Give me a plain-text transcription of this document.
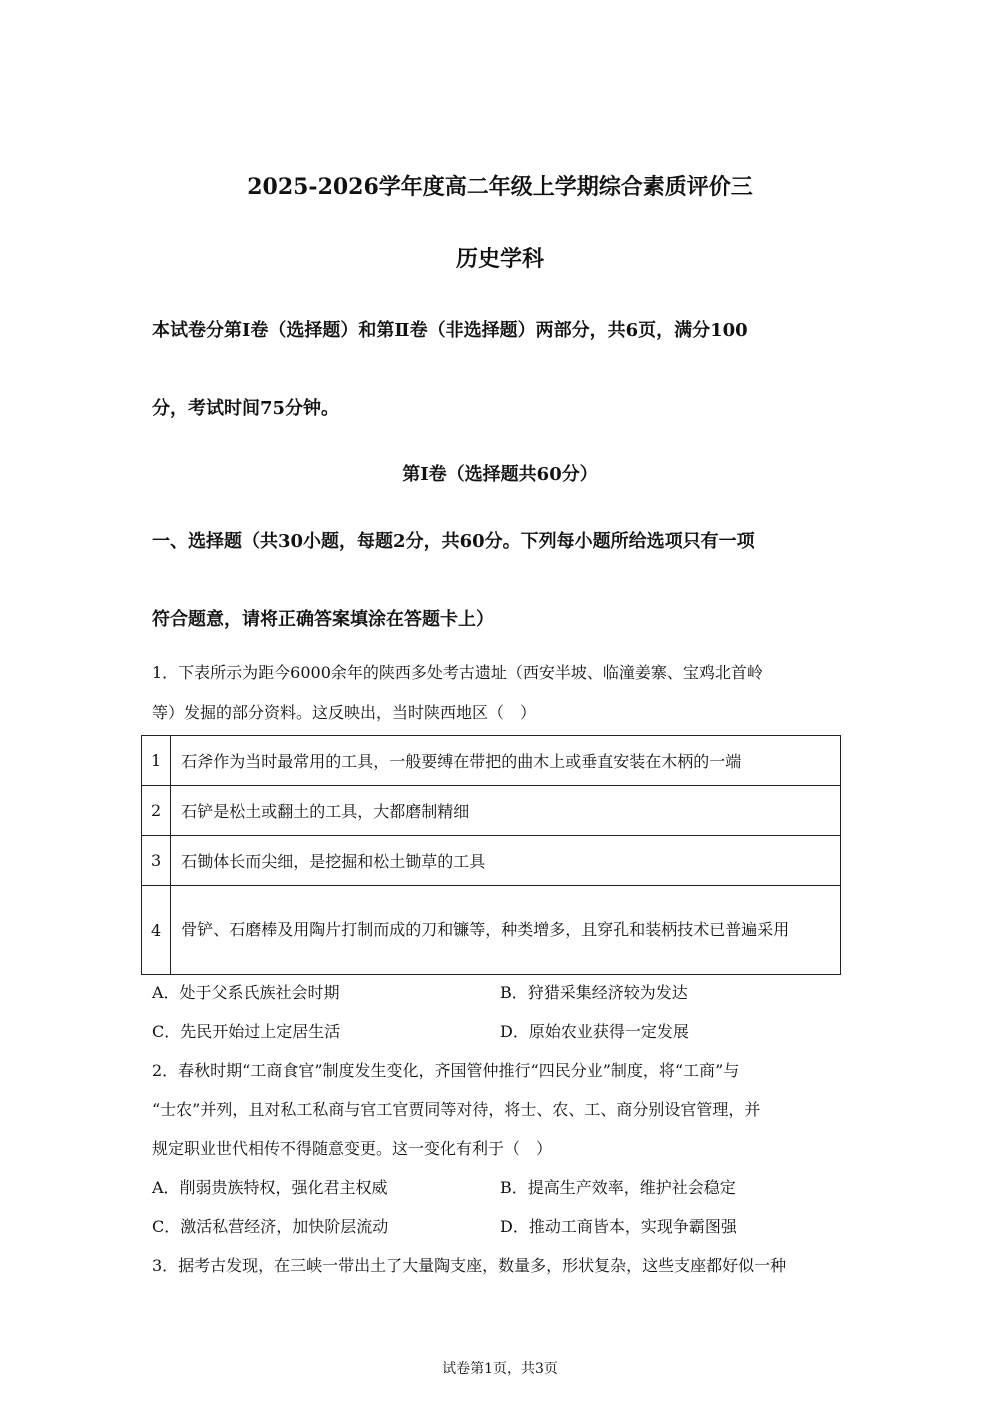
2025-2026学年度高二年级上学期综合素质评价三
历史学科
本试卷分第Ⅰ卷（选择题）和第Ⅱ卷（非选择题）两部分，共6页，满分100
分，考试时间75分钟。
第Ⅰ卷（选择题共60分）
一、选择题（共30小题，每题2分，共60分。下列每小题所给选项只有一项
符合题意，请将正确答案填涂在答题卡上）
1．下表所示为距今6000余年的陕西多处考古遗址（西安半坡、临潼姜寨、宝鸡北首岭
等）发掘的部分资料。这反映出，当时陕西地区（　）
1	石斧作为当时最常用的工具，一般要缚在带把的曲木上或垂直安装在木柄的一端
2	石铲是松土或翻土的工具，大都磨制精细
3	石锄体长而尖细，是挖掘和松土锄草的工具
4	骨铲、石磨棒及用陶片打制而成的刀和镰等，种类增多，且穿孔和装柄技术已普遍采用
A．处于父系氏族社会时期	B．狩猎采集经济较为发达
C．先民开始过上定居生活	D．原始农业获得一定发展
2．春秋时期“工商食官”制度发生变化，齐国管仲推行“四民分业”制度，将“工商”与
“士农”并列，且对私工私商与官工官贾同等对待，将士、农、工、商分别设官管理，并
规定职业世代相传不得随意变更。这一变化有利于（　）
A．削弱贵族特权，强化君主权威	B．提高生产效率，维护社会稳定
C．激活私营经济，加快阶层流动	D．推动工商皆本，实现争霸图强
3．据考古发现，在三峡一带出土了大量陶支座，数量多，形状复杂，这些支座都好似一种
试卷第1页，共3页
